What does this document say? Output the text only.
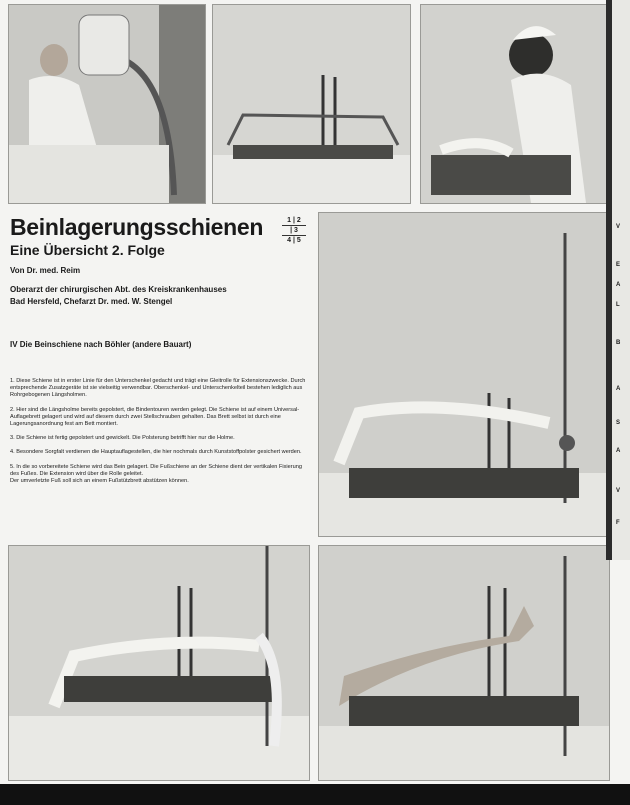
Beinlagerungsschienen
Eine Übersicht 2. Folge
1 | 2
| 3
4 | 5
Von Dr. med. Reim
Oberarzt der chirurgischen Abt. des Kreiskrankenhauses
Bad Hersfeld, Chefarzt Dr. med. W. Stengel
IV Die Beinschiene nach Böhler (andere Bauart)

1. Diese Schiene ist in erster Linie für den Unterschenkel gedacht und trägt eine Gleitrolle für Extensionszwecke. Durch entsprechende Zusatzgeräte ist sie vielseitig verwendbar. Oberschenkel- und Unterschenkelteil bestehen lediglich aus Rohrgebogenen Längsholmen.

2. Hier sind die Längsholme bereits gepolstert, die Bindentouren werden gelegt. Die Schiene ist auf einem Universal-Auflagebrett gelagert und wird auf diesem durch zwei Stellschrauben gehalten. Das Brett selbst ist durch eine Lagerungsanordnung fest am Bett montiert.

3. Die Schiene ist fertig gepolstert und gewickelt. Die Polsterung betrifft hier nur die Holme.

4. Besondere Sorgfalt verdienen die Hauptauflagestellen, die hier nochmals durch Kunststoffpolster gesichert werden.

5. In die so vorbereitete Schiene wird das Bein gelagert. Die Fußschiene an der Schiene dient der vertikalen Fixierung des Fußes. Die Extension wird über die Rolle geleitet.

Der umverletzte Fuß soll sich an einem Fußstützbrett abstützen können.

V
E
A
L
B
A
S
A
V
F
